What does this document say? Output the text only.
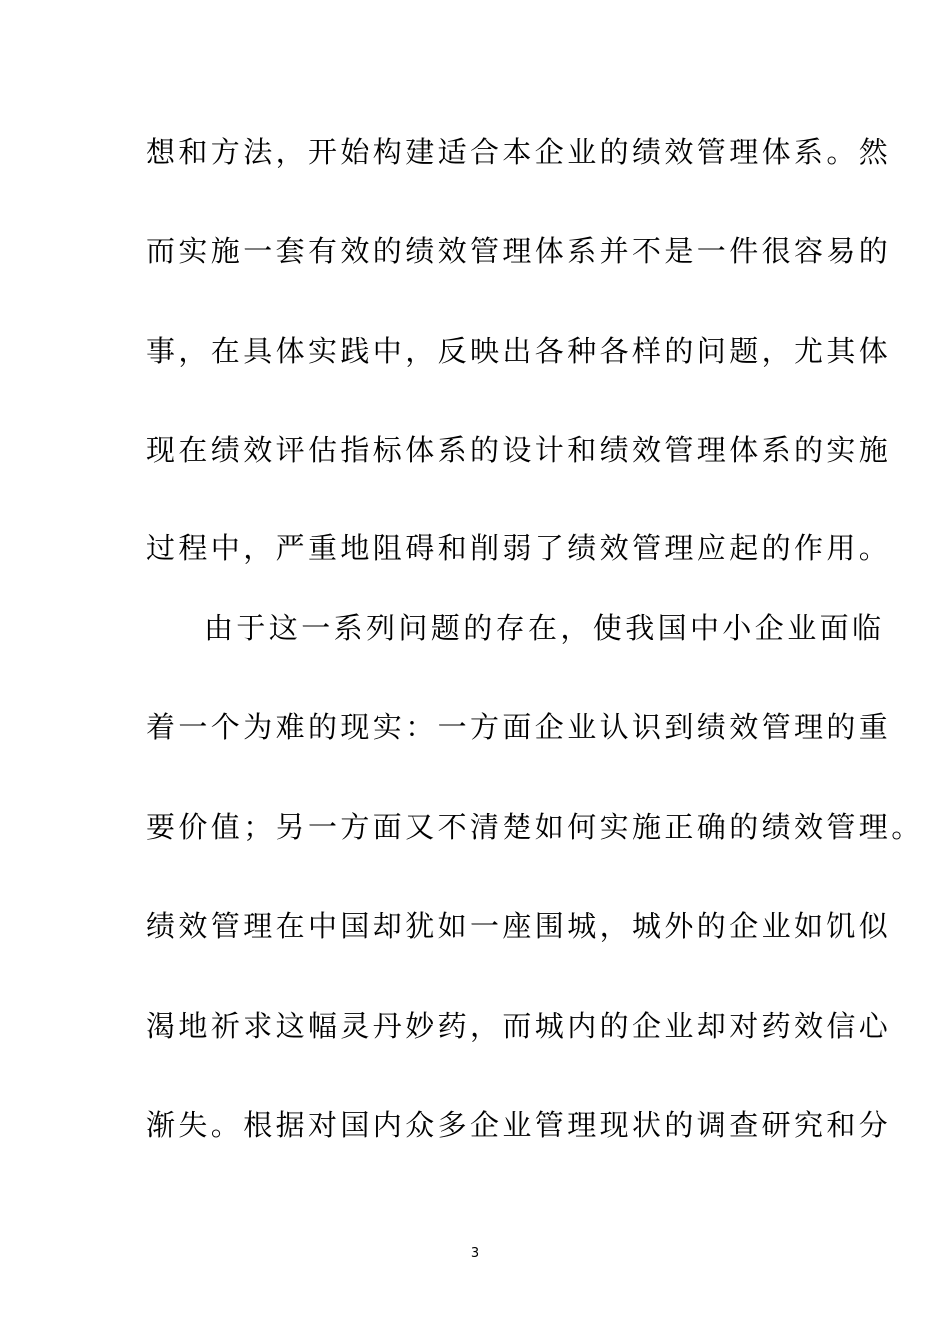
想和方法，开始构建适合本企业的绩效管理体系。然
而实施一套有效的绩效管理体系并不是一件很容易的
事，在具体实践中，反映出各种各样的问题，尤其体
现在绩效评估指标体系的设计和绩效管理体系的实施
过程中，严重地阻碍和削弱了绩效管理应起的作用。
由于这一系列问题的存在，使我国中小企业面临
着一个为难的现实：一方面企业认识到绩效管理的重
要价值；另一方面又不清楚如何实施正确的绩效管理。
绩效管理在中国却犹如一座围城，城外的企业如饥似
渴地祈求这幅灵丹妙药，而城内的企业却对药效信心
渐失。根据对国内众多企业管理现状的调查研究和分
3
